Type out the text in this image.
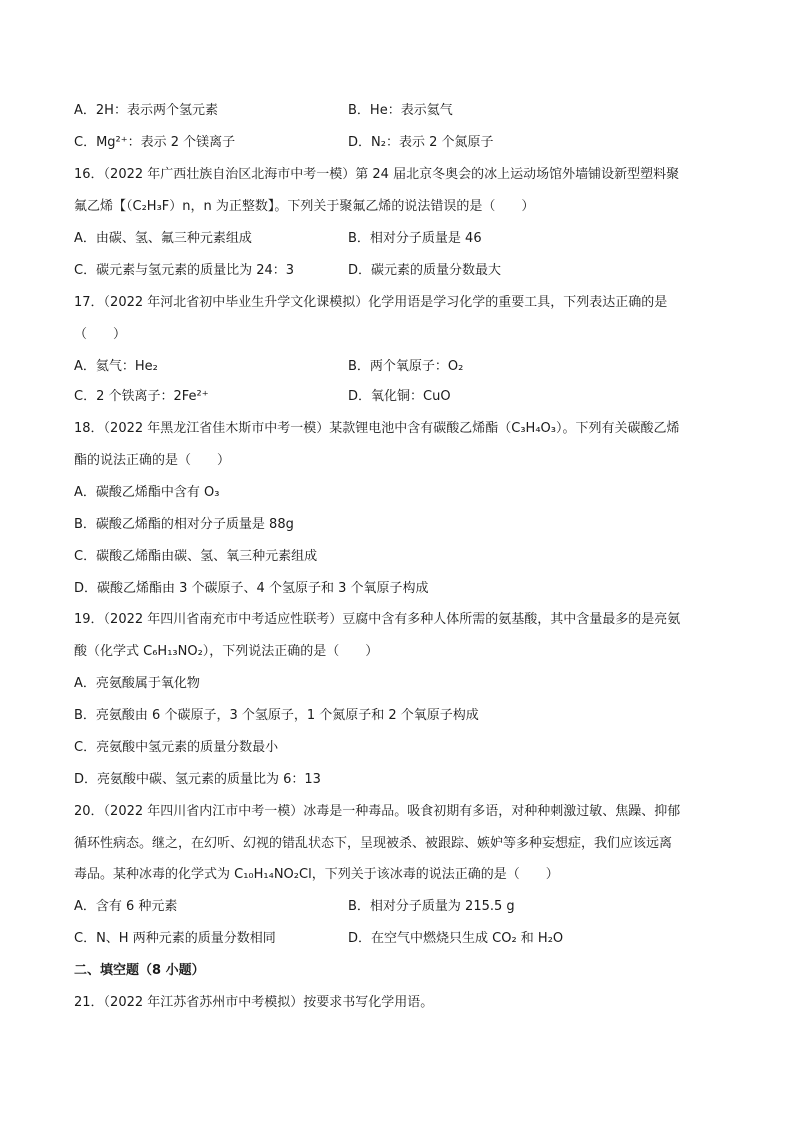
A．2H：表示两个氢元素	B．He：表示氦气
C．Mg²⁺：表示 2 个镁离子	D．N₂：表示 2 个氮原子
16．（2022 年广西壮族自治区北海市中考一模）第 24 届北京冬奥会的冰上运动场馆外墙铺设新型塑料聚
氟乙烯【（C₂H₃F）n，n 为正整数】。下列关于聚氟乙烯的说法错误的是（　　）
A．由碳、氢、氟三种元素组成	B．相对分子质量是 46
C．碳元素与氢元素的质量比为 24：3	D．碳元素的质量分数最大
17．（2022 年河北省初中毕业生升学文化课模拟）化学用语是学习化学的重要工具，下列表达正确的是
（　　）
A．氦气：He₂	B．两个氧原子：O₂
C．2 个铁离子：2Fe²⁺	D．氧化铜：CuO
18．（2022 年黑龙江省佳木斯市中考一模）某款锂电池中含有碳酸乙烯酯（C₃H₄O₃）。下列有关碳酸乙烯
酯的说法正确的是（　　）
A．碳酸乙烯酯中含有 O₃
B．碳酸乙烯酯的相对分子质量是 88g
C．碳酸乙烯酯由碳、氢、氧三种元素组成
D．碳酸乙烯酯由 3 个碳原子、4 个氢原子和 3 个氧原子构成
19．（2022 年四川省南充市中考适应性联考）豆腐中含有多种人体所需的氨基酸，其中含量最多的是亮氨
酸（化学式 C₆H₁₃NO₂），下列说法正确的是（　　）
A．亮氨酸属于氧化物
B．亮氨酸由 6 个碳原子，3 个氢原子，1 个氮原子和 2 个氧原子构成
C．亮氨酸中氢元素的质量分数最小
D．亮氨酸中碳、氢元素的质量比为 6：13
20．（2022 年四川省内江市中考一模）冰毒是一种毒品。吸食初期有多语，对种种刺激过敏、焦躁、抑郁
循环性病态。继之，在幻听、幻视的错乱状态下，呈现被杀、被跟踪、嫉妒等多种妄想症，我们应该远离
毒品。某种冰毒的化学式为 C₁₀H₁₄NO₂Cl，下列关于该冰毒的说法正确的是（　　）
A．含有 6 种元素	B．相对分子质量为 215.5 g
C．N、H 两种元素的质量分数相同	D．在空气中燃烧只生成 CO₂ 和 H₂O
二、填空题（8 小题）
21．（2022 年江苏省苏州市中考模拟）按要求书写化学用语。
